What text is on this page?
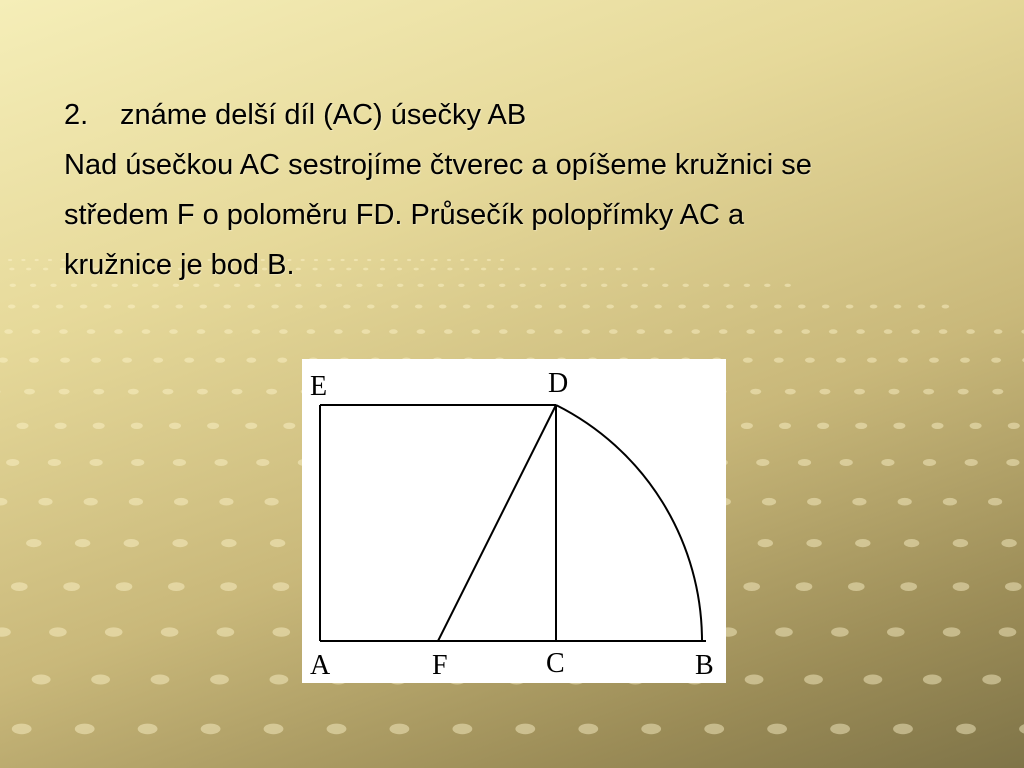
2. známe delší díl (AC) úsečky AB
Nad úsečkou AC sestrojíme čtverec a opíšeme kružnici se
středem F o poloměru FD. Průsečík polopřímky AC a
kružnice je bod B.
E	D
A	F	C	B
